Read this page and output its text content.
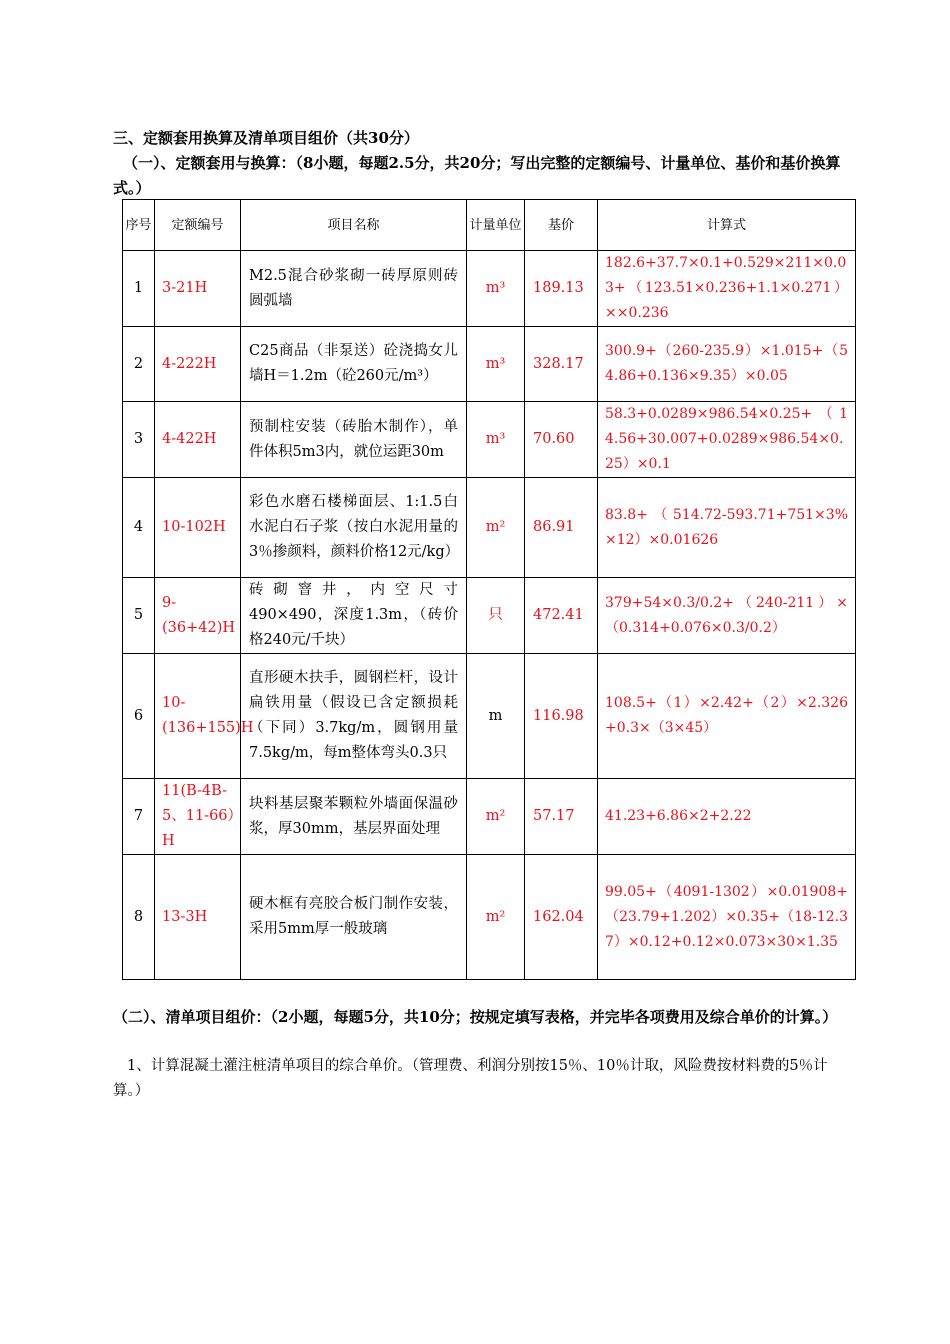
三、定额套用换算及清单项目组价（共30分）
（一）、定额套用与换算：（8小题，每题2.5分，共20分；写出完整的定额编号、计量单位、基价和基价换算式。）
序号	定额编号	项目名称	计量单位	基价	计算式
1	3-21H	M2.5混合砂浆砌一砖厚原则砖圆弧墙	m³	189.13	182.6+37.7×0.1+0.529×211×0.03+（123.51×0.236+1.1×0.271）××0.236
2	4-222H	C25商品（非泵送）砼浇捣女儿墙H＝1.2m（砼260元/m³）	m³	328.17	300.9+（260-235.9）×1.015+（54.86+0.136×9.35）×0.05
3	4-422H	预制柱安装（砖胎木制作），单件体积5m3内，就位运距30m	m³	70.60	58.3+0.0289×986.54×0.25+（14.56+30.007+0.0289×986.54×0.25）×0.1
4	10-102H	彩色水磨石楼梯面层、1:1.5白水泥白石子浆（按白水泥用量的3％掺颜料，颜料价格12元/kg）	m²	86.91	83.8+（514.72-593.71+751×3%×12）×0.01626
5	9-(36+42)H	砖砌窨井，内空尺寸490×490，深度1.3m，（砖价格240元/千块）	只	472.41	379+54×0.3/0.2+（240-211）×（0.314+0.076×0.3/0.2）
6	10-(136+155)H	直形硬木扶手，圆钢栏杆，设计扁铁用量（假设已含定额损耗（下同）3.7kg/m，圆钢用量7.5kg/m，每m整体弯头0.3只	m	116.98	108.5+（1）×2.42+（2）×2.326+0.3×（3×45）
7	11(B-4B-5、11-66）H	块料基层聚苯颗粒外墙面保温砂浆，厚30mm，基层界面处理	m²	57.17	41.23+6.86×2+2.22
8	13-3H	硬木框有亮胶合板门制作安装，采用5mm厚一般玻璃	m²	162.04	99.05+（4091-1302）×0.01908+（23.79+1.202）×0.35+（18-12.37）×0.12+0.12×0.073×30×1.35
（二）、清单项目组价：（2小题，每题5分，共10分；按规定填写表格，并完毕各项费用及综合单价的计算。）
1、计算混凝土灌注桩清单项目的综合单价。（管理费、利润分别按15％、10％计取，风险费按材料费的5％计算。）
